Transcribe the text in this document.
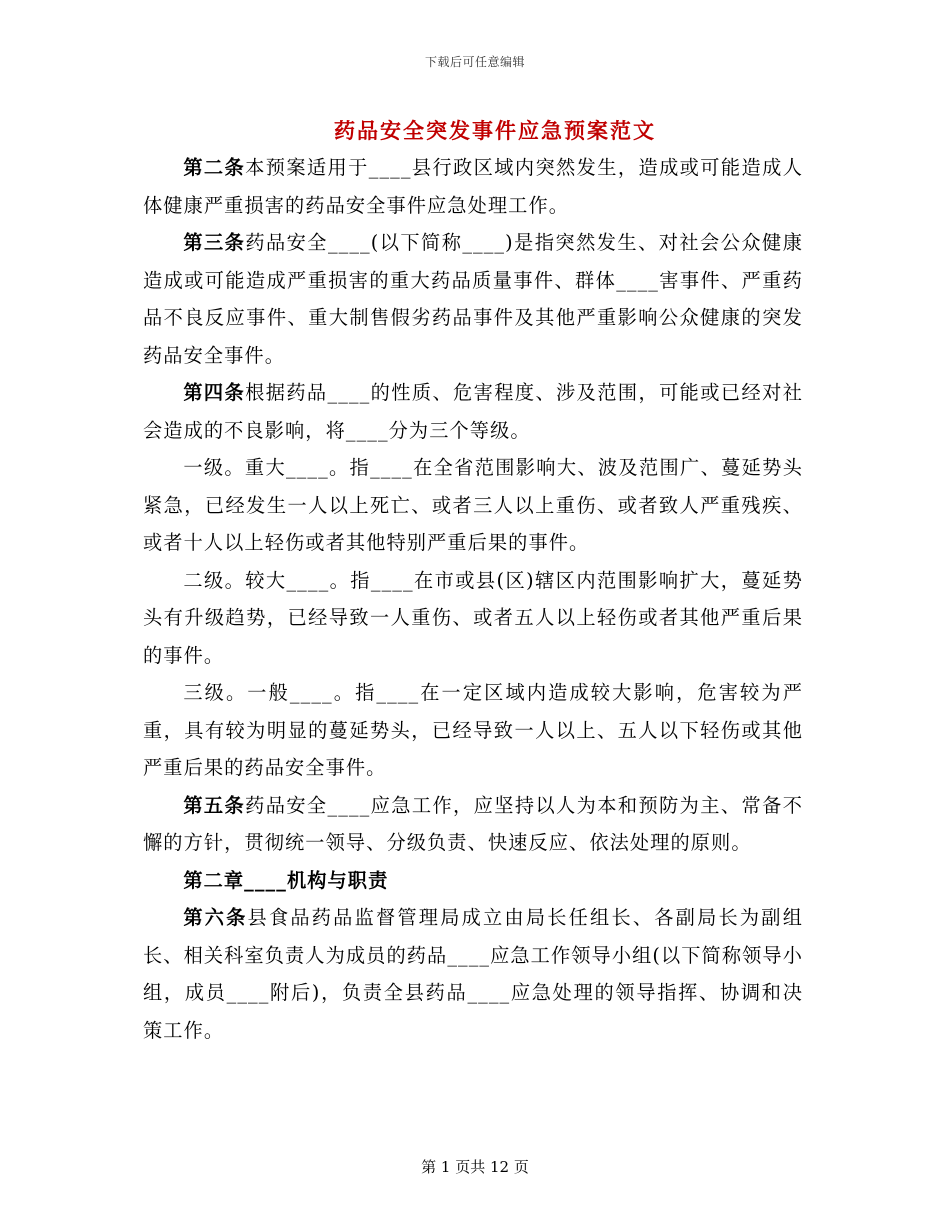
下载后可任意编辑
药品安全突发事件应急预案范文

第二条本预案适用于____县行政区域内突然发生，造成或可能造成人体健康严重损害的药品安全事件应急处理工作。

第三条药品安全____(以下简称____)是指突然发生、对社会公众健康造成或可能造成严重损害的重大药品质量事件、群体____害事件、严重药品不良反应事件、重大制售假劣药品事件及其他严重影响公众健康的突发药品安全事件。

第四条根据药品____的性质、危害程度、涉及范围，可能或已经对社会造成的不良影响，将____分为三个等级。

一级。重大____。指____在全省范围影响大、波及范围广、蔓延势头紧急，已经发生一人以上死亡、或者三人以上重伤、或者致人严重残疾、或者十人以上轻伤或者其他特别严重后果的事件。

二级。较大____。指____在市或县(区)辖区内范围影响扩大，蔓延势头有升级趋势，已经导致一人重伤、或者五人以上轻伤或者其他严重后果的事件。

三级。一般____。指____在一定区域内造成较大影响，危害较为严重，具有较为明显的蔓延势头，已经导致一人以上、五人以下轻伤或其他严重后果的药品安全事件。

第五条药品安全____应急工作，应坚持以人为本和预防为主、常备不懈的方针，贯彻统一领导、分级负责、快速反应、依法处理的原则。

第二章____机构与职责

第六条县食品药品监督管理局成立由局长任组长、各副局长为副组长、相关科室负责人为成员的药品____应急工作领导小组(以下简称领导小组，成员____附后)，负责全县药品____应急处理的领导指挥、协调和决策工作。

第 1 页共 12 页
